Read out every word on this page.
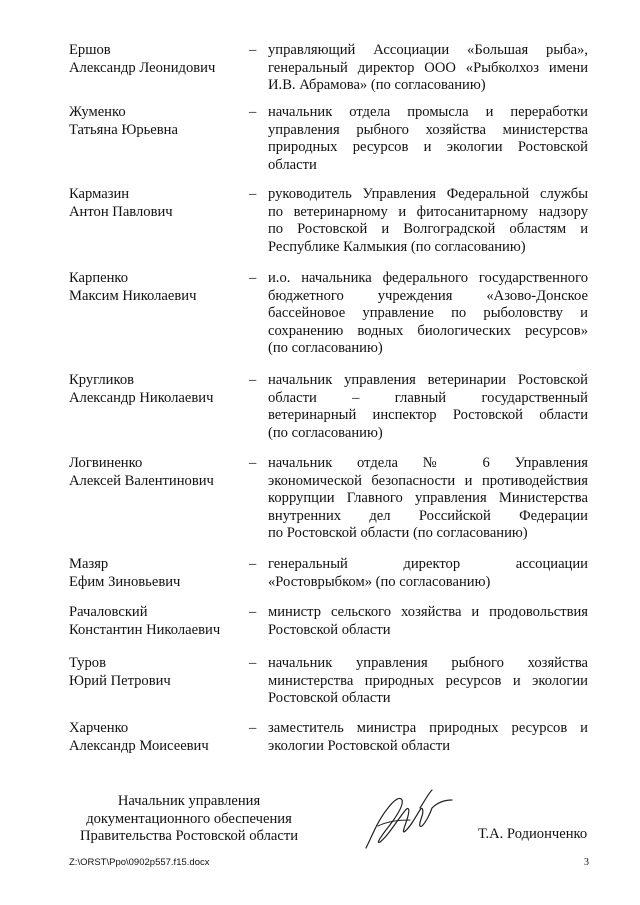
Ершов
Александр Леонидович
– управляющий Ассоциации «Большая рыба»,
генеральный директор ООО «Рыбколхоз имени
И.В. Абрамова» (по согласованию)
Жуменко
Татьяна Юрьевна
– начальник отдела промысла и переработки
управления рыбного хозяйства министерства
природных ресурсов и экологии Ростовской
области
Кармазин
Антон Павлович
– руководитель Управления Федеральной службы
по ветеринарному и фитосанитарному надзору
по Ростовской и Волгоградской областям и
Республике Калмыкия (по согласованию)
Карпенко
Максим Николаевич
– и.о. начальника федерального государственного
бюджетного учреждения «Азово-Донское
бассейновое управление по рыболовству и
сохранению водных биологических ресурсов»
(по согласованию)
Кругликов
Александр Николаевич
– начальник управления ветеринарии Ростовской
области – главный государственный
ветеринарный инспектор Ростовской области
(по согласованию)
Логвиненко
Алексей Валентинович
– начальник отдела № 6 Управления
экономической безопасности и противодействия
коррупции Главного управления Министерства
внутренних дел Российской Федерации
по Ростовской области (по согласованию)
Мазяр
Ефим Зиновьевич
– генеральный директор ассоциации
«Ростоврыбком» (по согласованию)
Рачаловский
Константин Николаевич
– министр сельского хозяйства и продовольствия
Ростовской области
Туров
Юрий Петрович
– начальник управления рыбного хозяйства
министерства природных ресурсов и экологии
Ростовской области
Харченко
Александр Моисеевич
– заместитель министра природных ресурсов и
экологии Ростовской области
Начальник управления
документационного обеспечения
Правительства Ростовской области	Т.А. Родионченко
Z:\ORST\Ppo\0902p557.f15.docx	3
